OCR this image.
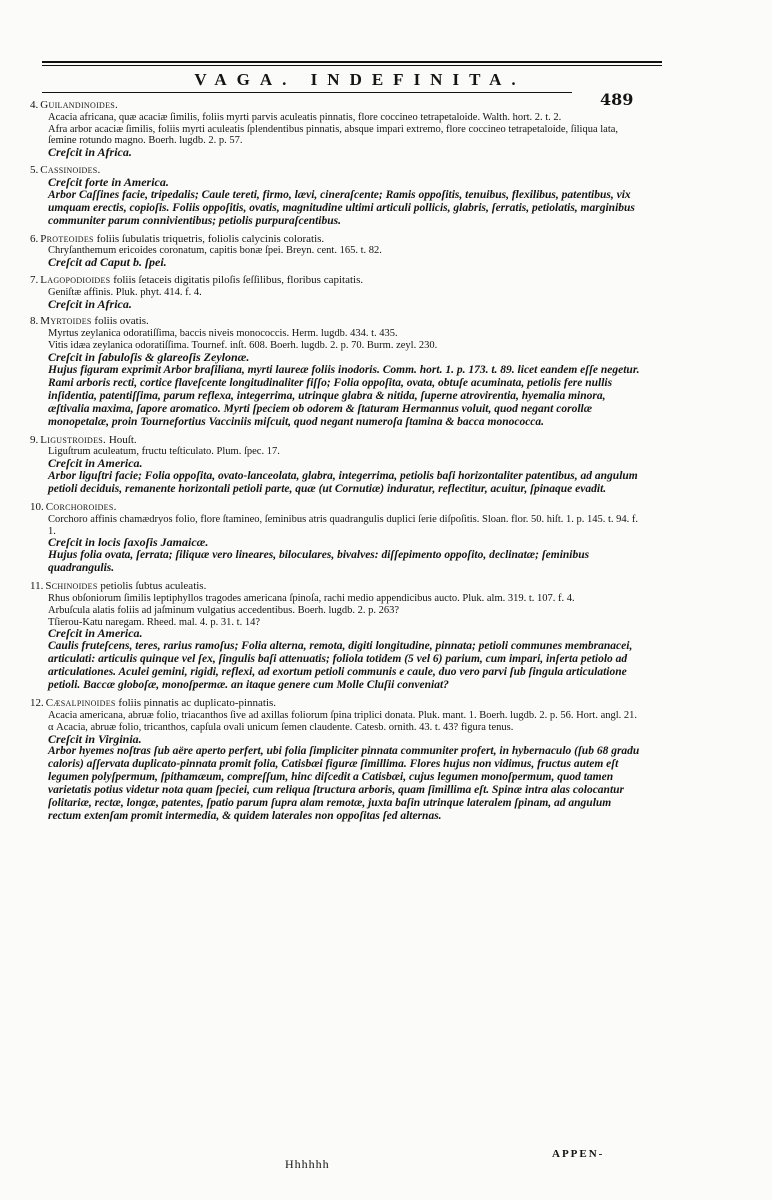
VAGA. INDEFINITA.
489
4. Guilandinoides.
Acacia africana, quæ acaciæ ſimilis, foliis myrti parvis aculeatis pinnatis, flore coccineo tetrapetaloide. Walth. hort. 2. t. 2.
Afra arbor acaciæ ſimilis, foliis myrti aculeatis ſplendentibus pinnatis, absque impari extremo, flore coccineo tetrapetaloide, ſiliqua lata, ſemine rotundo magno. Boerh. lugdb. 2. p. 57.
Creſcit in Africa.
5. Cassinoides.
Creſcit forte in America.
Arbor Caſſines facie, tripedalis; Caule tereti, firmo, lævi, cineraſcente; Ramis oppoſitis, tenuibus, flexilibus, patentibus, vix umquam erectis, copioſis. Foliis oppoſitis, ovatis, magnitudine ultimi articuli pollicis, glabris, ſerratis, petiolatis, marginibus communiter parum connivientibus; petiolis purpuraſcentibus.
6. Proteoides foliis ſubulatis triquetris, foliolis calycinis coloratis.
Chryſanthemum ericoides coronatum, capitis bonæ ſpei. Breyn. cent. 165. t. 82.
Creſcit ad Caput b. ſpei.
7. Lagopodioides foliis ſetaceis digitatis piloſis ſeſſilibus, floribus capitatis.
Geniſtæ affinis. Pluk. phyt. 414. f. 4.
Creſcit in Africa.
8. Myrtoides foliis ovatis.
Myrtus zeylanica odoratiſſima, baccis niveis monococcis. Herm. lugdb. 434. t. 435.
Vitis idæa zeylanica odoratiſſima. Tournef. inſt. 608. Boerh. lugdb. 2. p. 70. Burm. zeyl. 230.
Creſcit in ſabuloſis & glareoſis Zeylonæ.
Hujus figuram exprimit Arbor braſiliana, myrti laureæ foliis inodoris. Comm. hort. 1. p. 173. t. 89. licet eandem eſſe negetur. Rami arboris recti, cortice flaveſcente longitudinaliter fiſſo; Folia oppoſita, ovata, obtuſe acuminata, petiolis fere nullis inſidentia, patentiſſima, parum reflexa, integerrima, utrinque glabra & nitida, ſuperne atrovirentia, hyemalia minora, æſtivalia maxima, ſapore aromatico. Myrti ſpeciem ob odorem & ſtaturam Hermannus voluit, quod negant corollæ monopetalæ, proin Tournefortius Vacciniis miſcuit, quod negant numeroſa ſtamina & bacca monococca.
9. Ligustroides. Houſt.
Liguſtrum aculeatum, fructu teſticulato. Plum. ſpec. 17.
Creſcit in America.
Arbor liguſtri facie; Folia oppoſita, ovato-lanceolata, glabra, integerrima, petiolis baſi horizontaliter patentibus, ad angulum petioli deciduis, remanente horizontali petioli parte, quæ (ut Cornutiæ) induratur, reflectitur, acuitur, ſpinaque evadit.
10. Corchoroides.
Corchoro affinis chamædryos folio, flore ſtamineo, ſeminibus atris quadrangulis duplici ſerie diſpoſitis. Sloan. flor. 50. hiſt. 1. p. 145. t. 94. f. 1.
Creſcit in locis ſaxoſis Jamaicæ.
Hujus folia ovata, ſerrata; ſiliquæ vero lineares, biloculares, bivalves: diſſepimento oppoſito, declinatæ; ſeminibus quadrangulis.
11. Schinoides petiolis ſubtus aculeatis.
Rhus obſoniorum ſimilis leptiphyllos tragodes americana ſpinoſa, rachi medio appendicibus aucto. Pluk. alm. 319. t. 107. f. 4.
Arbuſcula alatis foliis ad jaſminum vulgatius accedentibus. Boerh. lugdb. 2. p. 263?
Tſierou-Katu naregam. Rheed. mal. 4. p. 31. t. 14?
Creſcit in America.
Caulis fruteſcens, teres, rarius ramoſus; Folia alterna, remota, digiti longitudine, pinnata; petioli communes membranacei, articulati: articulis quinque vel ſex, ſingulis baſi attenuatis; foliola totidem (5 vel 6) parium, cum impari, inſerta petiolo ad articulationes. Aculei gemini, rigidi, reflexi, ad exortum petioli communis e caule, duo vero parvi ſub ſingula articulatione petioli. Baccæ globoſæ, monoſpermæ. an itaque genere cum Molle Cluſii conveniat?
12. Cæsalpinoides foliis pinnatis ac duplicato-pinnatis.
Acacia americana, abruæ folio, triacanthos ſive ad axillas foliorum ſpina triplici donata. Pluk. mant. 1. Boerh. lugdb. 2. p. 56. Hort. angl. 21.
α Acacia, abruæ folio, tricanthos, capſula ovali unicum ſemen claudente. Catesb. ornith. 43. t. 43? figura tenus.
Creſcit in Virginia.
Arbor hyemes noſtras ſub aëre aperto perfert, ubi folia ſimpliciter pinnata communiter profert, in hybernaculo (ſub 68 gradu caloris) aſſervata duplicato-pinnata promit folia, Catisbæi figuræ ſimillima. Flores hujus non vidimus, fructus autem eſt legumen polyſpermum, ſpithamæum, compreſſum, hinc diſcedit a Catisbæi, cujus legumen monoſpermum, quod tamen varietatis potius videtur nota quam ſpeciei, cum reliqua ſtructura arboris, quam ſimillima eſt. Spinæ intra alas colocantur ſolitariæ, rectæ, longæ, patentes, ſpatio parum ſupra alam remotæ, juxta baſin utrinque lateralem ſpinam, ad angulum rectum extenſam promit intermedia, & quidem laterales non oppoſitas ſed alternas.
Hhhhhh
APPEN-
